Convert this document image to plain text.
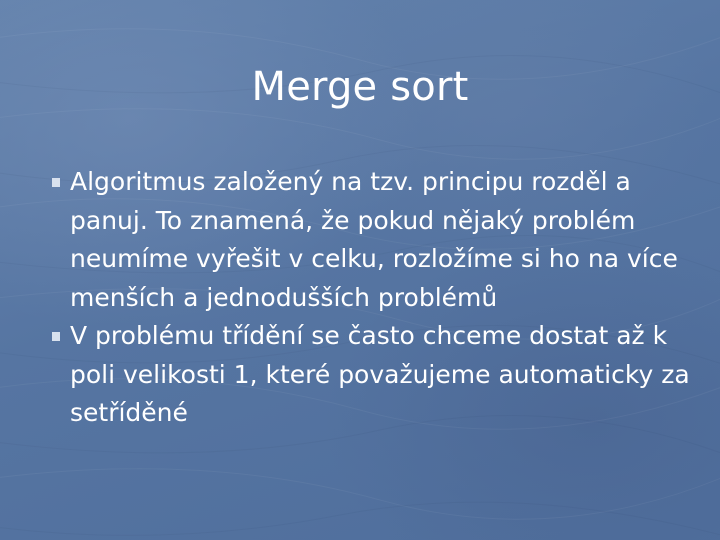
Merge sort
Algoritmus založený na tzv. principu rozděl a panuj. To znamená, že pokud nějaký problém neumíme vyřešit v celku, rozložíme si ho na více menších a jednodušších problémů
V problému třídění se často chceme dostat až k poli velikosti 1, které považujeme automaticky za setříděné
